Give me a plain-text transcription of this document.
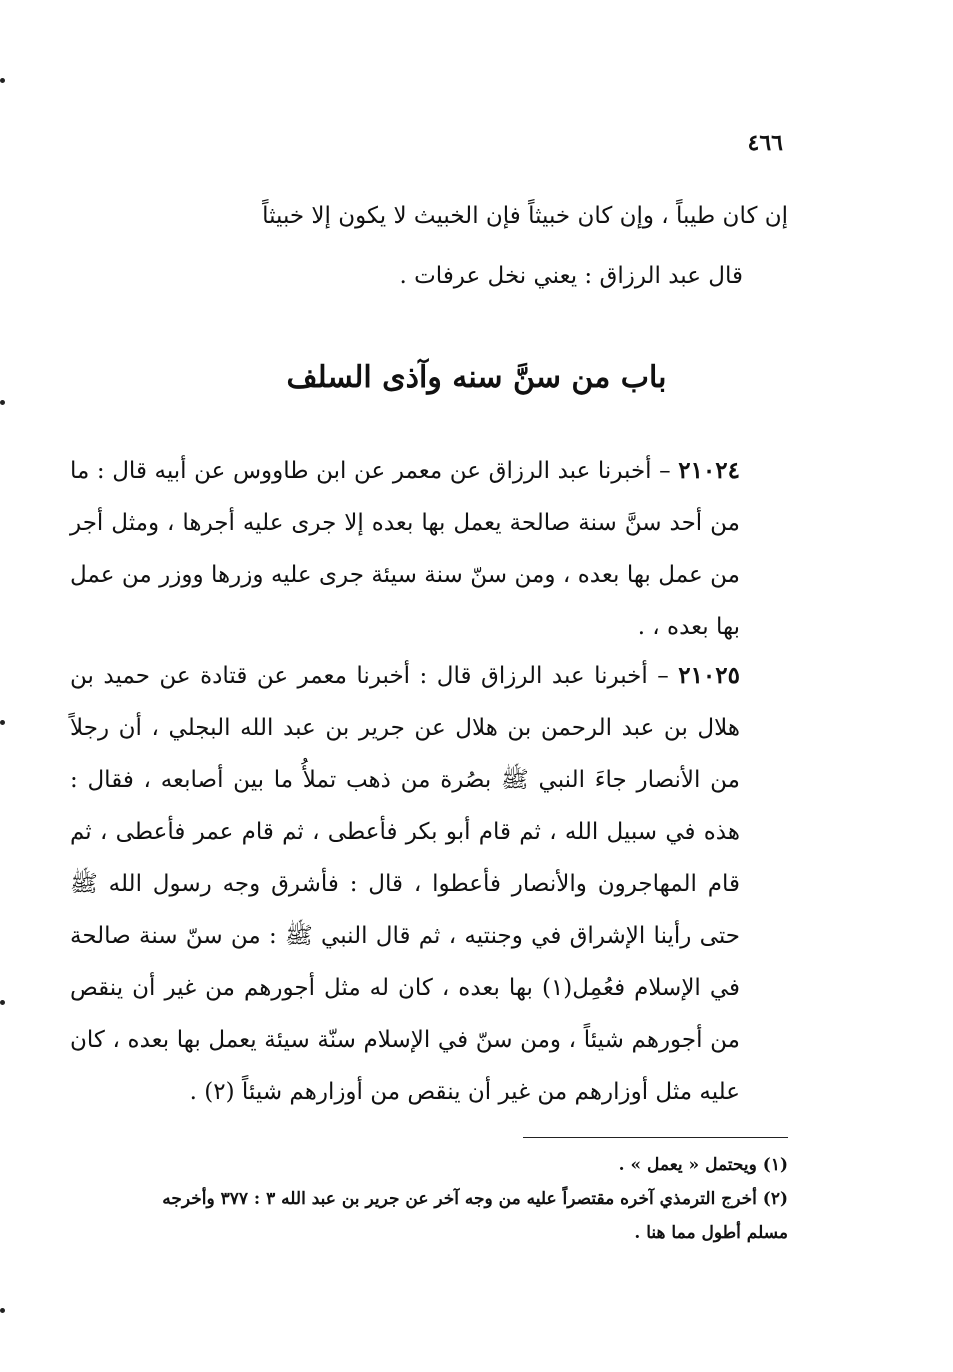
٤٦٦
إن كان طيباً ، وإن كان خبيثاً فإن الخبيث لا يكون إلا خبيثاً
قال عبد الرزاق : يعني نخل عرفات .
باب من سنَّ سنه وآذى السلف
٢١٠٢٤ – أخبرنا عبد الرزاق عن معمر عن ابن طاووس عن أبيه قال : ما من أحد سنَّ سنة صالحة يعمل بها بعده إلا جرى عليه أجرها ، ومثل أجر من عمل بها بعده ، ومن سنّ سنة سيئة جرى عليه وزرها ووزر من عمل بها بعده ، .
٢١٠٢٥ – أخبرنا عبد الرزاق قال : أخبرنا معمر عن قتادة عن حميد بن هلال بن عبد الرحمن بن هلال عن جرير بن عبد الله البجلي ، أن رجلاً من الأنصار جاءَ النبي ﷺ بصُرة من ذهب تملأُ ما بين أصابعه ، فقال : هذه في سبيل الله ، ثم قام أبو بكر فأعطى ، ثم قام عمر فأعطى ، ثم قام المهاجرون والأنصار فأعطوا ، قال : فأشرق وجه رسول الله ﷺ حتى رأينا الإشراق في وجنتيه ، ثم قال النبي ﷺ : من سنّ سنة صالحة في الإسلام فعُمِل(١) بها بعده ، كان له مثل أجورهم من غير أن ينقص من أجورهم شيئاً ، ومن سنّ في الإسلام سنّة سيئة يعمل بها بعده ، كان عليه مثل أوزارهم من غير أن ينقص من أوزارهم شيئاً (٢) .
(١) ويحتمل « يعمل » .
(٢) أخرج الترمذي آخره مقتصراً عليه من وجه آخر عن جرير بن عبد الله ٣ : ٣٧٧ وأخرجه مسلم أطول مما هنا .
